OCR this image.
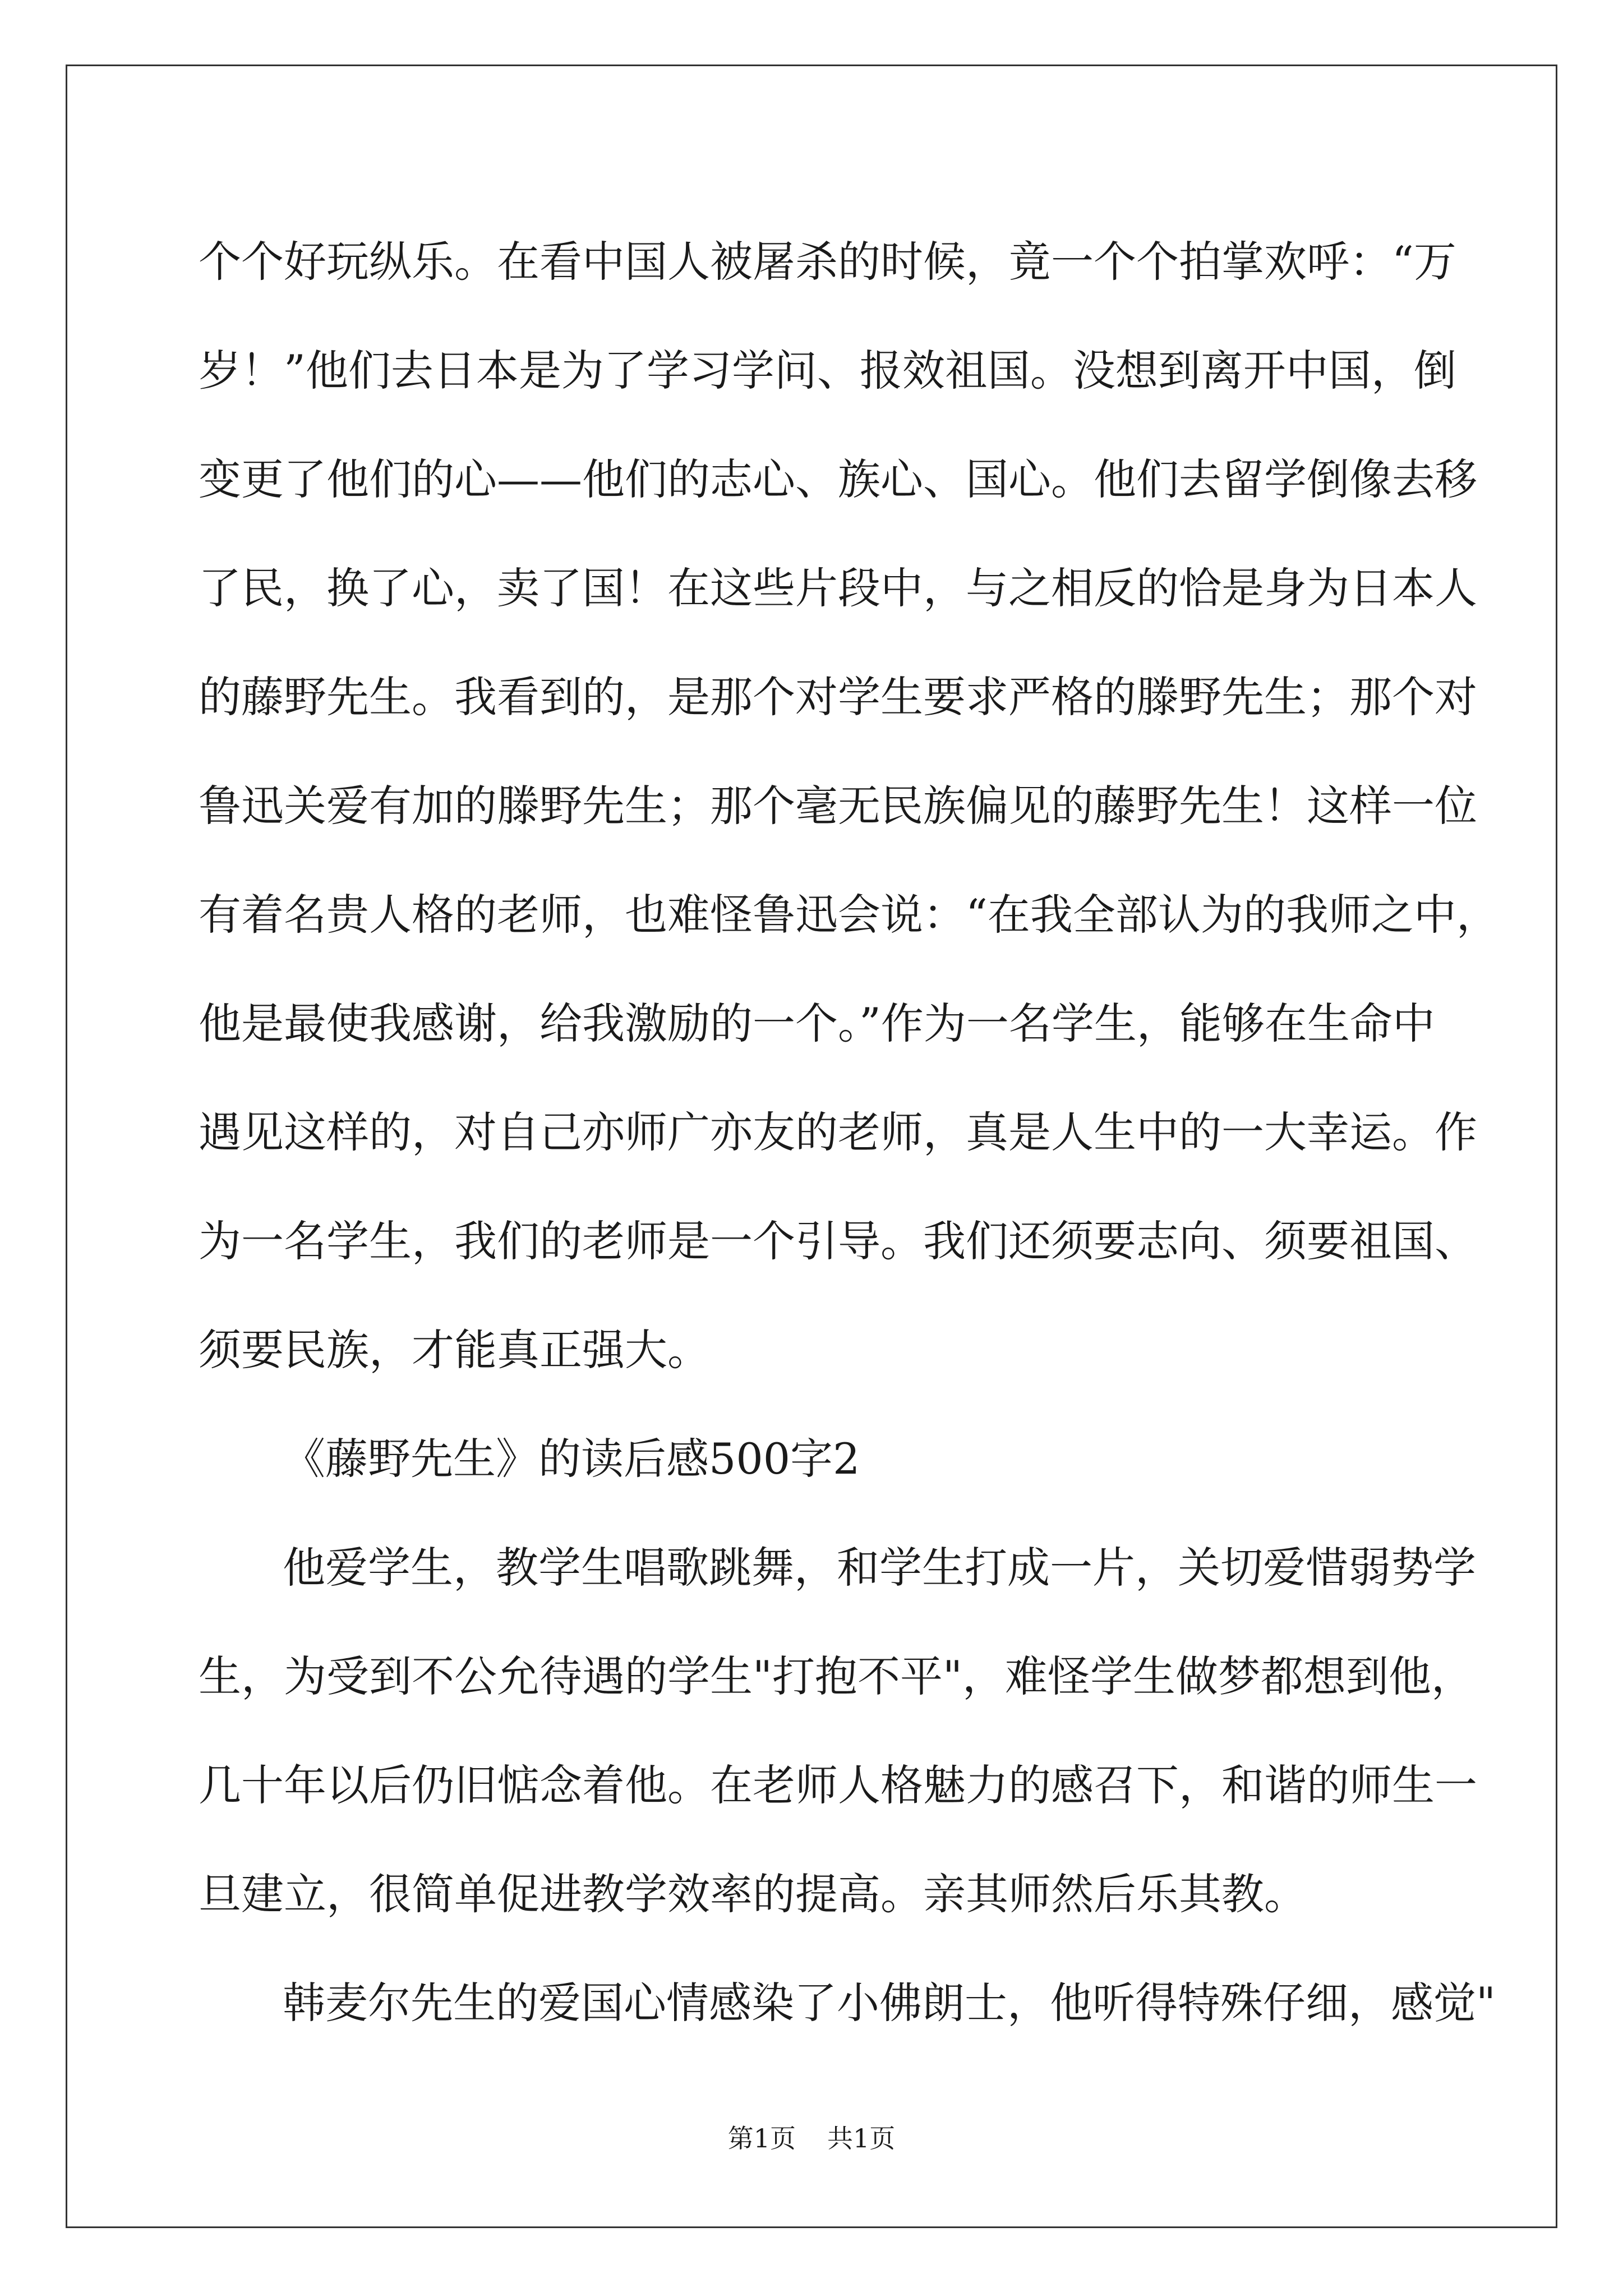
个个好玩纵乐。在看中国人被屠杀的时候，竟一个个拍掌欢呼：“万
岁！”他们去日本是为了学习学问、报效祖国。没想到离开中国，倒
变更了他们的心——他们的志心、族心、国心。他们去留学倒像去移
了民，换了心，卖了国！在这些片段中，与之相反的恰是身为日本人
的藤野先生。我看到的，是那个对学生要求严格的滕野先生；那个对
鲁迅关爱有加的滕野先生；那个毫无民族偏见的藤野先生！这样一位
有着名贵人格的老师，也难怪鲁迅会说：“在我全部认为的我师之中，
他是最使我感谢，给我激励的一个。”作为一名学生，能够在生命中
遇见这样的，对自己亦师广亦友的老师，真是人生中的一大幸运。作
为一名学生，我们的老师是一个引导。我们还须要志向、须要祖国、
须要民族，才能真正强大。
《藤野先生》的读后感500字2
他爱学生，教学生唱歌跳舞，和学生打成一片，关切爱惜弱势学
生，为受到不公允待遇的学生"打抱不平"，难怪学生做梦都想到他，
几十年以后仍旧惦念着他。在老师人格魅力的感召下，和谐的师生一
旦建立，很简单促进教学效率的提高。亲其师然后乐其教。
韩麦尔先生的爱国心情感染了小佛朗士，他听得特殊仔细，感觉"
第1页 共1页
